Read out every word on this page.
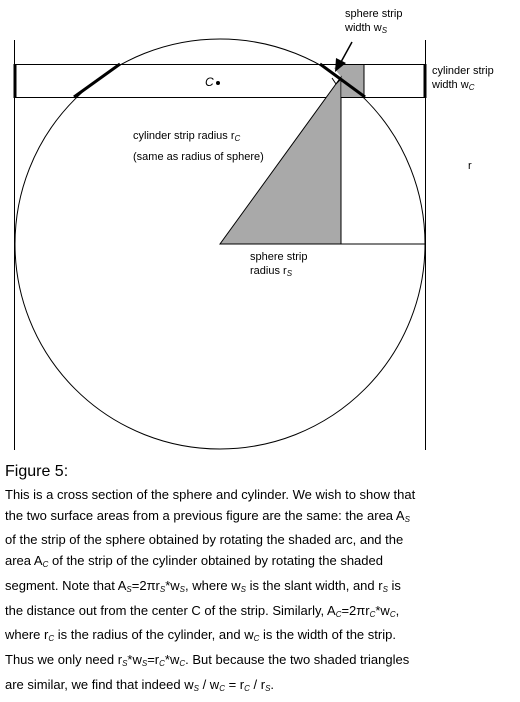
sphere strip
width $w_S$
C
cylinder strip
width $w_C$
cylinder strip radius $r_C$
(same as radius of sphere)
r
sphere strip
radius $r_S$
Figure 5:

This is a cross section of the sphere and cylinder. We wish to show that

the two surface areas from a previous figure are the same: the area $A_S$

of the strip of the sphere obtained by rotating the shaded arc, and the

area $A_C$ of the strip of the cylinder obtained by rotating the shaded

segment. Note that $A_S=2\pi r_S*w_S$, where $w_S$ is the slant width, and $r_S$ is

the distance out from the center C of the strip. Similarly, $A_C=2\pi r_C*w_C$,

where $r_C$ is the radius of the cylinder, and $w_C$ is the width of the strip.

Thus we only need $r_S*w_S=r_C*w_C$. But because the two shaded triangles

are similar, we find that indeed $w_S / w_C = r_C / r_S$.
